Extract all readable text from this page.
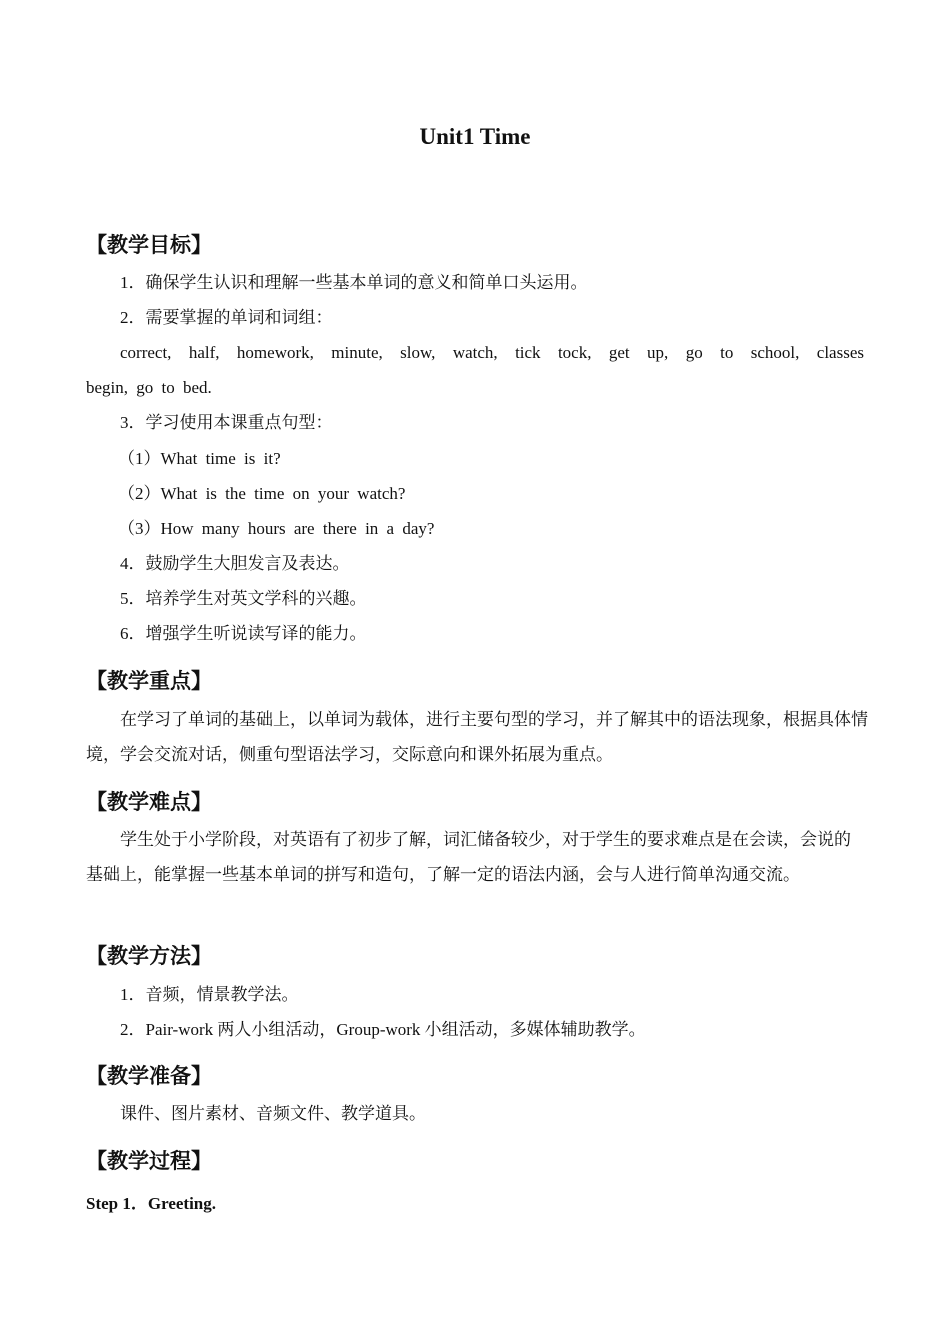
Unit1 Time
【教学目标】
1．确保学生认识和理解一些基本单词的意义和简单口头运用。
2．需要掌握的单词和词组：
correct, half, homework, minute, slow, watch, tick tock, get up, go to school, classes
begin, go to bed.
3．学习使用本课重点句型：
（1）What time is it?
（2）What is the time on your watch?
（3）How many hours are there in a day?
4．鼓励学生大胆发言及表达。
5．培养学生对英文学科的兴趣。
6．增强学生听说读写译的能力。
【教学重点】
在学习了单词的基础上，以单词为载体，进行主要句型的学习，并了解其中的语法现象，根据具体情境，学会交流对话，侧重句型语法学习，交际意向和课外拓展为重点。
【教学难点】
学生处于小学阶段，对英语有了初步了解，词汇储备较少，对于学生的要求难点是在会读，会说的基础上，能掌握一些基本单词的拼写和造句，了解一定的语法内涵，会与人进行简单沟通交流。
【教学方法】
1．音频，情景教学法。
2．Pair-work 两人小组活动，Group-work 小组活动，多媒体辅助教学。
【教学准备】
课件、图片素材、音频文件、教学道具。
【教学过程】
Step 1．Greeting.
